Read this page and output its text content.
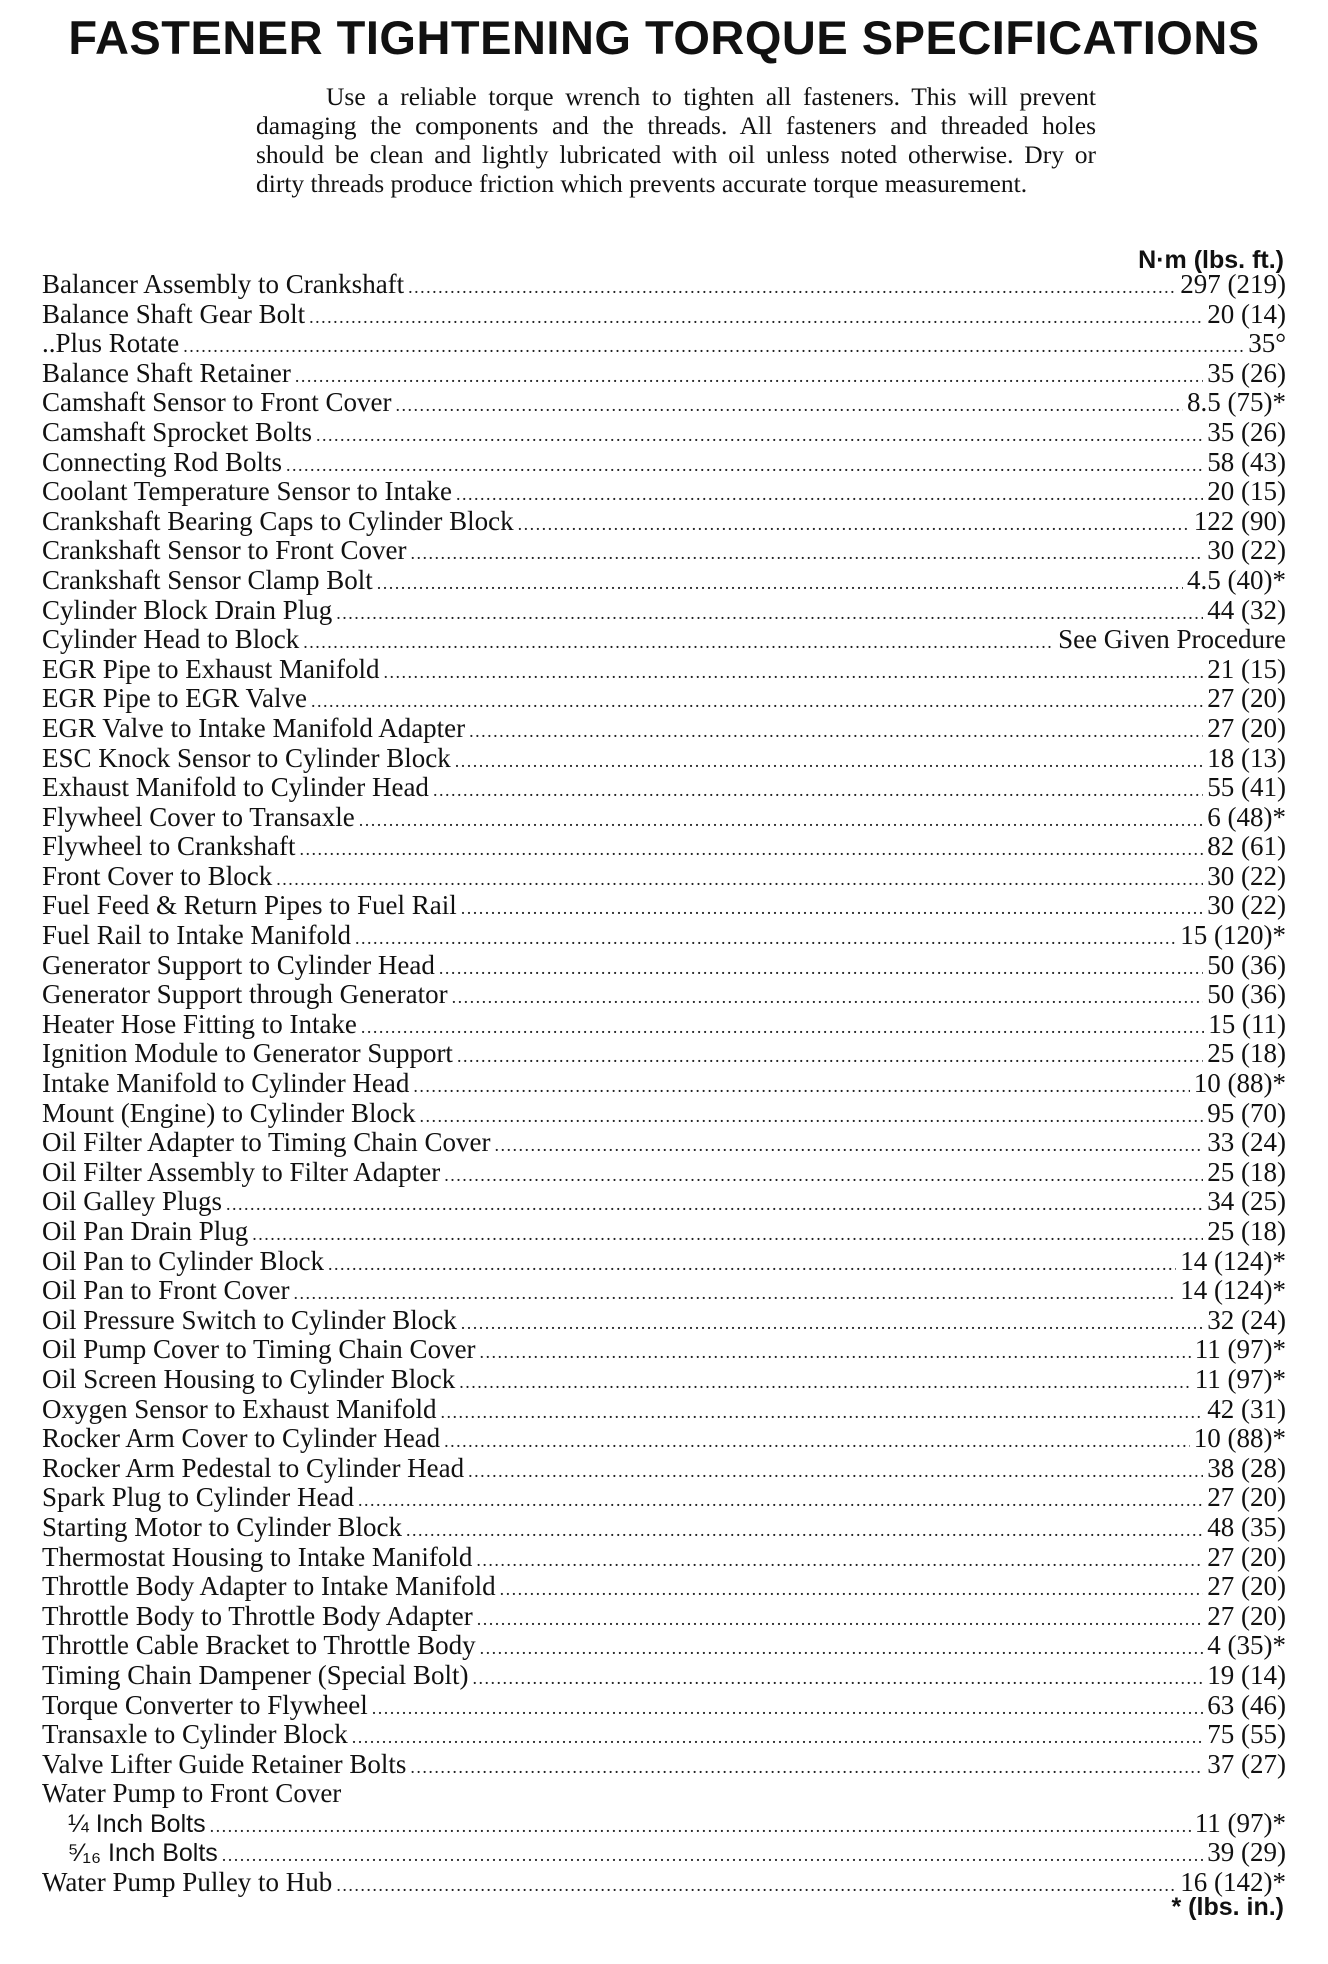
FASTENER TIGHTENING TORQUE SPECIFICATIONS

Use a reliable torque wrench to tighten all fasteners. This will prevent damaging the components and the threads. All fasteners and threaded holes should be clean and lightly lubricated with oil unless noted otherwise. Dry or dirty threads produce friction which prevents accurate torque measurement.

N·m (lbs. ft.)
Balancer Assembly to Crankshaft .....	297 (219)
Balance Shaft Gear Bolt .....	20 (14)
..Plus Rotate .....	35°
Balance Shaft Retainer .....	35 (26)
Camshaft Sensor to Front Cover .....	8.5 (75)*
Camshaft Sprocket Bolts .....	35 (26)
Connecting Rod Bolts .....	58 (43)
Coolant Temperature Sensor to Intake .....	20 (15)
Crankshaft Bearing Caps to Cylinder Block .....	122 (90)
Crankshaft Sensor to Front Cover .....	30 (22)
Crankshaft Sensor Clamp Bolt .....	4.5 (40)*
Cylinder Block Drain Plug .....	44 (32)
Cylinder Head to Block .....	See Given Procedure
EGR Pipe to Exhaust Manifold .....	21 (15)
EGR Pipe to EGR Valve .....	27 (20)
EGR Valve to Intake Manifold Adapter .....	27 (20)
ESC Knock Sensor to Cylinder Block .....	18 (13)
Exhaust Manifold to Cylinder Head .....	55 (41)
Flywheel Cover to Transaxle .....	6 (48)*
Flywheel to Crankshaft .....	82 (61)
Front Cover to Block .....	30 (22)
Fuel Feed & Return Pipes to Fuel Rail .....	30 (22)
Fuel Rail to Intake Manifold .....	15 (120)*
Generator Support to Cylinder Head .....	50 (36)
Generator Support through Generator .....	50 (36)
Heater Hose Fitting to Intake .....	15 (11)
Ignition Module to Generator Support .....	25 (18)
Intake Manifold to Cylinder Head .....	10 (88)*
Mount (Engine) to Cylinder Block .....	95 (70)
Oil Filter Adapter to Timing Chain Cover .....	33 (24)
Oil Filter Assembly to Filter Adapter .....	25 (18)
Oil Galley Plugs .....	34 (25)
Oil Pan Drain Plug .....	25 (18)
Oil Pan to Cylinder Block .....	14 (124)*
Oil Pan to Front Cover .....	14 (124)*
Oil Pressure Switch to Cylinder Block .....	32 (24)
Oil Pump Cover to Timing Chain Cover .....	11 (97)*
Oil Screen Housing to Cylinder Block .....	11 (97)*
Oxygen Sensor to Exhaust Manifold .....	42 (31)
Rocker Arm Cover to Cylinder Head .....	10 (88)*
Rocker Arm Pedestal to Cylinder Head .....	38 (28)
Spark Plug to Cylinder Head .....	27 (20)
Starting Motor to Cylinder Block .....	48 (35)
Thermostat Housing to Intake Manifold .....	27 (20)
Throttle Body Adapter to Intake Manifold .....	27 (20)
Throttle Body to Throttle Body Adapter .....	27 (20)
Throttle Cable Bracket to Throttle Body .....	4 (35)*
Timing Chain Dampener (Special Bolt) .....	19 (14)
Torque Converter to Flywheel .....	63 (46)
Transaxle to Cylinder Block .....	75 (55)
Valve Lifter Guide Retainer Bolts .....	37 (27)
Water Pump to Front Cover
¼ Inch Bolts .....	11 (97)*
⁵⁄₁₆ Inch Bolts .....	39 (29)
Water Pump Pulley to Hub .....	16 (142)*
* (lbs. in.)
